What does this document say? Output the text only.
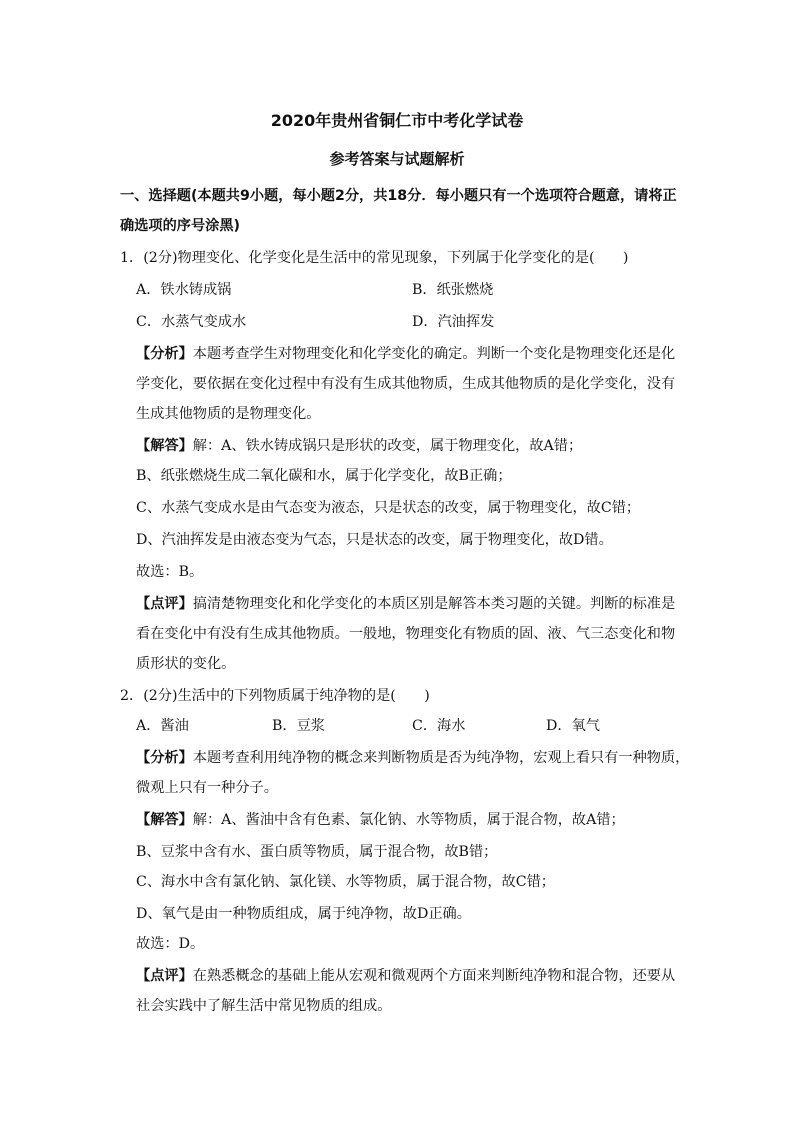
2020年贵州省铜仁市中考化学试卷
参考答案与试题解析
一、选择题(本题共9小题，每小题2分，共18分．每小题只有一个选项符合题意，请将正
确选项的序号涂黑)
1．(2分)物理变化、化学变化是生活中的常见现象，下列属于化学变化的是(　　)
A．铁水铸成锅	B．纸张燃烧
C．水蒸气变成水	D．汽油挥发
【分析】本题考查学生对物理变化和化学变化的确定。判断一个变化是物理变化还是化
学变化，要依据在变化过程中有没有生成其他物质，生成其他物质的是化学变化，没有
生成其他物质的是物理变化。
【解答】解：A、铁水铸成锅只是形状的改变，属于物理变化，故A错；
B、纸张燃烧生成二氧化碳和水，属于化学变化，故B正确；
C、水蒸气变成水是由气态变为液态，只是状态的改变，属于物理变化，故C错；
D、汽油挥发是由液态变为气态，只是状态的改变，属于物理变化，故D错。
故选：B。
【点评】搞清楚物理变化和化学变化的本质区别是解答本类习题的关键。判断的标准是
看在变化中有没有生成其他物质。一般地，物理变化有物质的固、液、气三态变化和物
质形状的变化。
2．(2分)生活中的下列物质属于纯净物的是(　　)
A．酱油	B．豆浆	C．海水	D．氧气
【分析】本题考查利用纯净物的概念来判断物质是否为纯净物，宏观上看只有一种物质，
微观上只有一种分子。
【解答】解：A、酱油中含有色素、氯化钠、水等物质，属于混合物，故A错；
B、豆浆中含有水、蛋白质等物质，属于混合物，故B错；
C、海水中含有氯化钠、氯化镁、水等物质，属于混合物，故C错；
D、氧气是由一种物质组成，属于纯净物，故D正确。
故选：D。
【点评】在熟悉概念的基础上能从宏观和微观两个方面来判断纯净物和混合物，还要从
社会实践中了解生活中常见物质的组成。
